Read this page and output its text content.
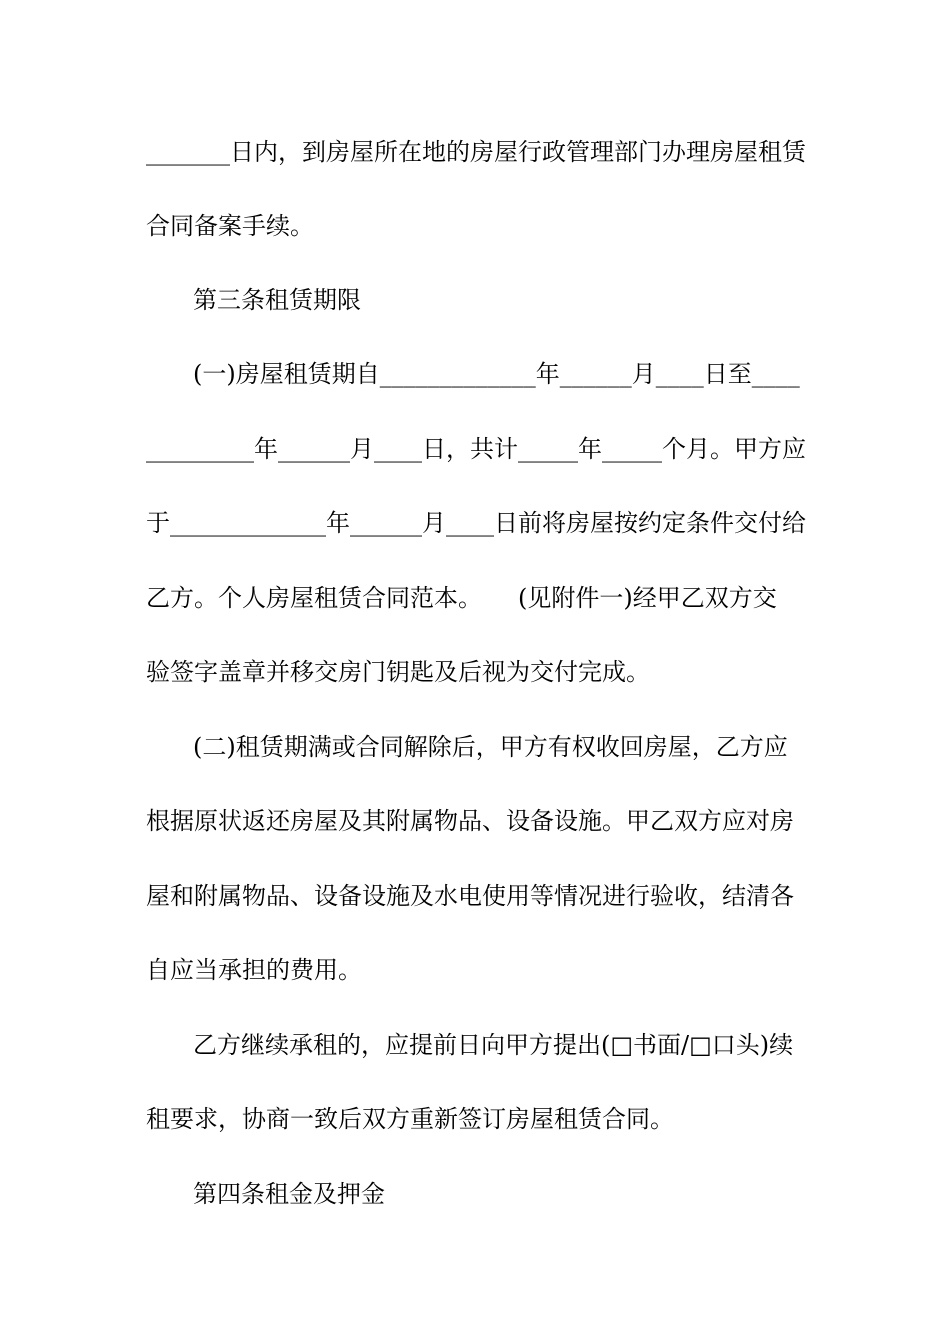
_______日内，到房屋所在地的房屋行政管理部门办理房屋租赁
合同备案手续。
第三条租赁期限
(一)房屋租赁期自_____________年______月____日至____
_________年______月____日，共计_____年_____个月。甲方应
于_____________年______月____日前将房屋按约定条件交付给
乙方。个人房屋租赁合同范本。　　(见附件一)经甲乙双方交
验签字盖章并移交房门钥匙及后视为交付完成。
(二)租赁期满或合同解除后，甲方有权收回房屋，乙方应
根据原状返还房屋及其附属物品、设备设施。甲乙双方应对房
屋和附属物品、设备设施及水电使用等情况进行验收，结清各
自应当承担的费用。
乙方继续承租的，应提前日向甲方提出(□书面/□口头)续
租要求，协商一致后双方重新签订房屋租赁合同。
第四条租金及押金
